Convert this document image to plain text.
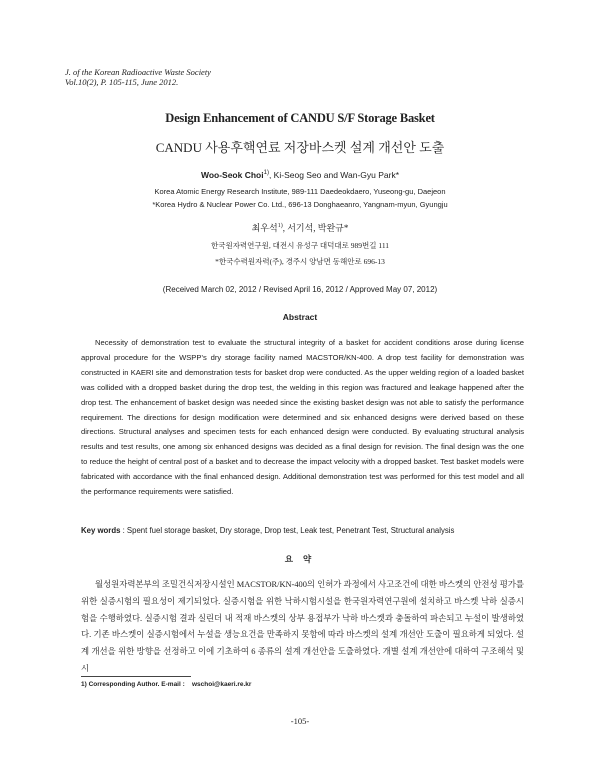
J. of the Korean Radioactive Waste Society
Vol.10(2), P. 105-115, June 2012.
Design Enhancement of CANDU S/F Storage Basket
CANDU 사용후핵연료 저장바스켓 설계 개선안 도출
Woo-Seok Choi$^{1)}$, Ki-Seog Seo and Wan-Gyu Park*
Korea Atomic Energy Research Institute, 989-111 Daedeokdaero, Yuseong-gu, Daejeon
*Korea Hydro & Nuclear Power Co. Ltd., 696-13 Donghaeanro, Yangnam-myun, Gyungju
최우석$^{1)}$, 서기석, 박완규*
한국원자력연구원, 대전시 유성구 대덕대로 989번길 111
*한국수력원자력(주), 경주시 양남면 동해안로 696-13
(Received March 02, 2012 / Revised April 16, 2012 / Approved May 07, 2012)
Abstract

Necessity of demonstration test to evaluate the structural integrity of a basket for accident conditions arose during license approval procedure for the WSPP’s dry storage facility named MACSTOR/KN-400. A drop test facility for demonstration was constructed in KAERI site and demonstration tests for basket drop were conducted. As the upper welding region of a loaded basket was collided with a dropped basket during the drop test, the welding in this region was fractured and leakage happened after the drop test. The enhancement of basket design was needed since the existing basket design was not able to satisfy the performance requirement. The directions for design modification were determined and six enhanced designs were derived based on these directions. Structural analyses and specimen tests for each enhanced design were conducted. By evaluating structural analysis results and test results, one among six enhanced designs was decided as a final design for revision. The final design was the one to reduce the height of central post of a basket and to decrease the impact velocity with a dropped basket. Test basket models were fabricated with accordance with the final enhanced design. Additional demonstration test was performed for this test model and all the performance requirements were satisfied.

Key words : Spent fuel storage basket, Dry storage, Drop test, Leak test, Penetrant Test, Structural analysis
요 약

월성원자력본부의 조밀건식저장시설인 MACSTOR/KN-400의 인허가 과정에서 사고조건에 대한 바스켓의 안전성 평가를 위한 실증시험의 필요성이 제기되었다. 실증시험을 위한 낙하시험시설을 한국원자력연구원에 설치하고 바스켓 낙하 실증시험을 수행하였다. 실증시험 결과 실린더 내 적재 바스켓의 상부 용접부가 낙하 바스켓과 충돌하여 파손되고 누설이 발생하였다. 기존 바스켓이 실증시험에서 누설을 생능요건을 만족하지 못함에 따라 바스켓의 설계 개선안 도출이 필요하게 되었다. 설계 개선을 위한 방향을 선정하고 이에 기초하여 6 종류의 설계 개선안을 도출하였다. 개별 설계 개선안에 대하여 구조해석 및 시

1) Corresponding Author. E-mail : wschoi@kaeri.re.kr
-105-
